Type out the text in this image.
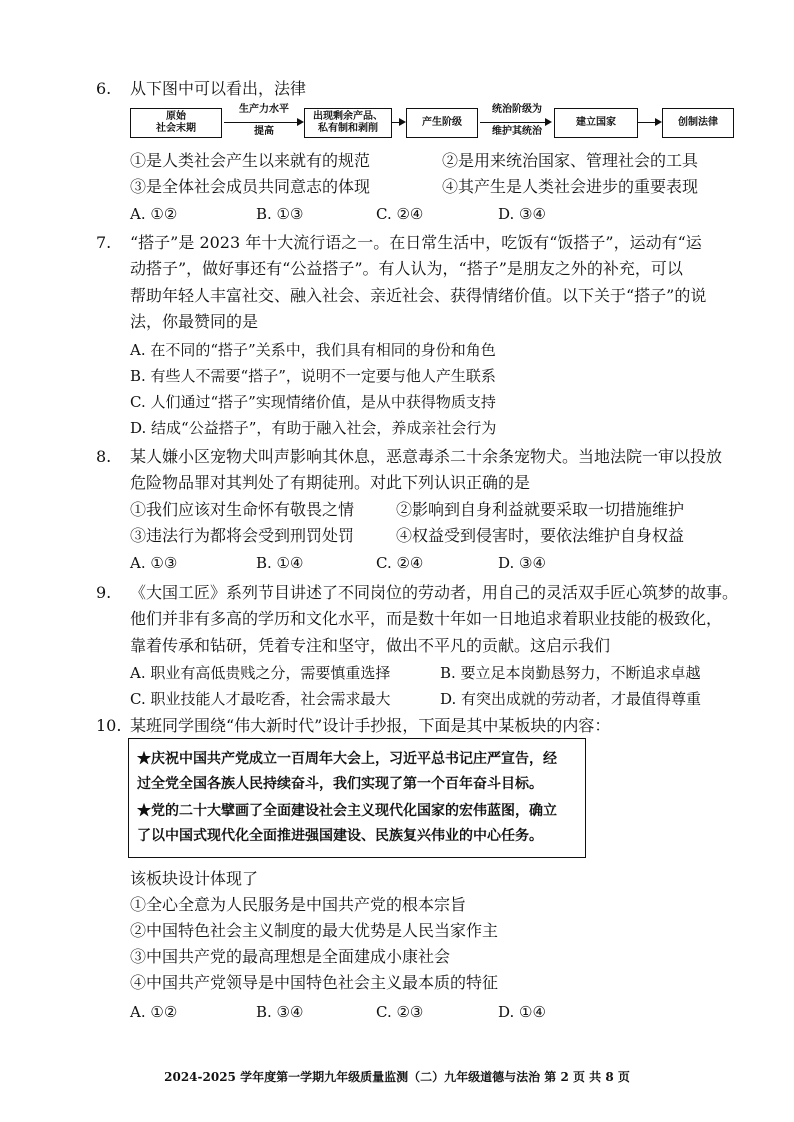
6. 从下图中可以看出，法律
原始
社会末期
生产力水平
提高
出现剩余产品、
私有制和剥削
产生阶级
统治阶级为
维护其统治
建立国家	创制法律
①是人类社会产生以来就有的规范	②是用来统治国家、管理社会的工具
③是全体社会成员共同意志的体现	④其产生是人类社会进步的重要表现
A. ①②	B. ①③	C. ②④	D. ③④
7. “搭子”是 2023 年十大流行语之一。在日常生活中，吃饭有“饭搭子”，运动有“运
动搭子”，做好事还有“公益搭子”。有人认为，“搭子”是朋友之外的补充，可以
帮助年轻人丰富社交、融入社会、亲近社会、获得情绪价值。以下关于“搭子”的说
法，你最赞同的是
A. 在不同的“搭子”关系中，我们具有相同的身份和角色
B. 有些人不需要“搭子”，说明不一定要与他人产生联系
C. 人们通过“搭子”实现情绪价值，是从中获得物质支持
D. 结成“公益搭子”，有助于融入社会，养成亲社会行为
8. 某人嫌小区宠物犬叫声影响其休息，恶意毒杀二十余条宠物犬。当地法院一审以投放
危险物品罪对其判处了有期徒刑。对此下列认识正确的是
①我们应该对生命怀有敬畏之情	②影响到自身利益就要采取一切措施维护
③违法行为都将会受到刑罚处罚	④权益受到侵害时，要依法维护自身权益
A. ①③	B. ①④	C. ②④	D. ③④
9. 《大国工匠》系列节目讲述了不同岗位的劳动者，用自己的灵活双手匠心筑梦的故事。
他们并非有多高的学历和文化水平，而是数十年如一日地追求着职业技能的极致化，
靠着传承和钻研，凭着专注和坚守，做出不平凡的贡献。这启示我们
A. 职业有高低贵贱之分，需要慎重选择	B. 要立足本岗勤恳努力，不断追求卓越
C. 职业技能人才最吃香，社会需求最大	D. 有突出成就的劳动者，才最值得尊重
10. 某班同学围绕“伟大新时代”设计手抄报，下面是其中某板块的内容：
★庆祝中国共产党成立一百周年大会上，习近平总书记庄严宣告，经
过全党全国各族人民持续奋斗，我们实现了第一个百年奋斗目标。
★党的二十大擘画了全面建设社会主义现代化国家的宏伟蓝图，确立
了以中国式现代化全面推进强国建设、民族复兴伟业的中心任务。
该板块设计体现了
①全心全意为人民服务是中国共产党的根本宗旨
②中国特色社会主义制度的最大优势是人民当家作主
③中国共产党的最高理想是全面建成小康社会
④中国共产党领导是中国特色社会主义最本质的特征
A. ①②	B. ③④	C. ②③	D. ①④
2024-2025 学年度第一学期九年级质量监测（二）九年级道德与法治 第 2 页 共 8 页
